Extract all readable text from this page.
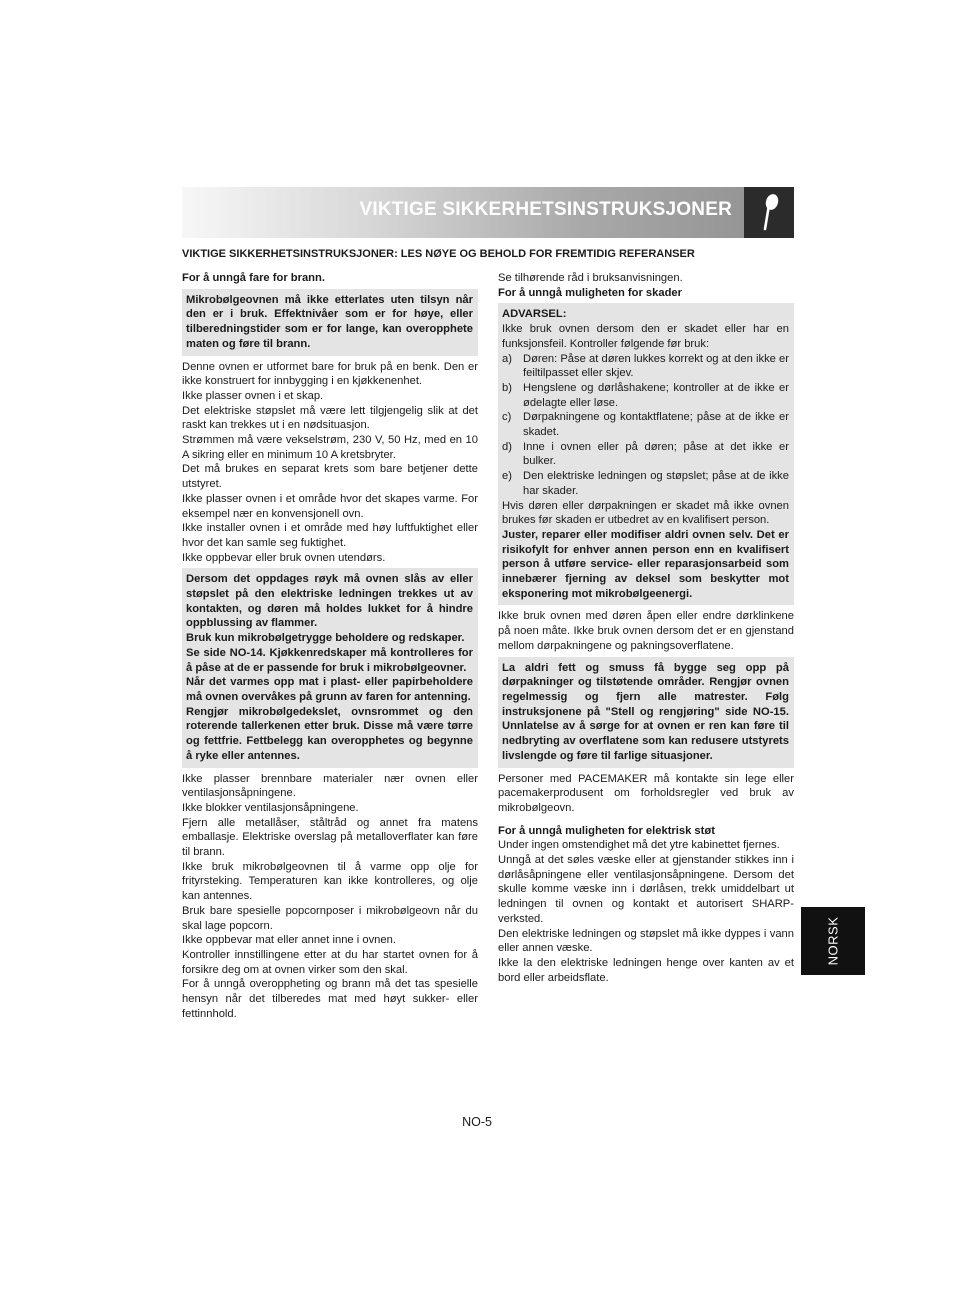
VIKTIGE SIKKERHETSINSTRUKSJONER
VIKTIGE SIKKERHETSINSTRUKSJONER: LES NØYE OG BEHOLD FOR FREMTIDIG REFERANSER

For å unngå fare for brann.

Mikrobølgeovnen må ikke etterlates uten tilsyn når den er i bruk. Effektnivåer som er for høye, eller tilberedningstider som er for lange, kan overopphete maten og føre til brann.

Denne ovnen er utformet bare for bruk på en benk. Den er ikke konstruert for innbygging i en kjøkkenenhet.

Ikke plasser ovnen i et skap.

Det elektriske støpslet må være lett tilgjengelig slik at det raskt kan trekkes ut i en nødsituasjon.

Strømmen må være vekselstrøm, 230 V, 50 Hz, med en 10 A sikring eller en minimum 10 A kretsbryter.

Det må brukes en separat krets som bare betjener dette utstyret.

Ikke plasser ovnen i et område hvor det skapes varme. For eksempel nær en konvensjonell ovn.

Ikke installer ovnen i et område med høy luftfuktighet eller hvor det kan samle seg fuktighet.

Ikke oppbevar eller bruk ovnen utendørs.

Dersom det oppdages røyk må ovnen slås av eller støpslet på den elektriske ledningen trekkes ut av kontakten, og døren må holdes lukket for å hindre oppblussing av flammer.

Bruk kun mikrobølgetrygge beholdere og redskaper.

Se side NO-14. Kjøkkenredskaper må kontrolleres for å påse at de er passende for bruk i mikrobølgeovner.

Når det varmes opp mat i plast- eller papirbeholdere må ovnen overvåkes på grunn av faren for antenning.

Rengjør mikrobølgedekslet, ovnsrommet og den roterende tallerkenen etter bruk. Disse må være tørre og fettfrie. Fettbelegg kan overopphetes og begynne å ryke eller antennes.

Ikke plasser brennbare materialer nær ovnen eller ventilasjonsåpningene.

Ikke blokker ventilasjonsåpningene.

Fjern alle metallåser, ståltråd og annet fra matens emballasje. Elektriske overslag på metalloverflater kan føre til brann.

Ikke bruk mikrobølgeovnen til å varme opp olje for frityrsteking. Temperaturen kan ikke kontrolleres, og olje kan antennes.

Bruk bare spesielle popcornposer i mikrobølgeovn når du skal lage popcorn.

Ikke oppbevar mat eller annet inne i ovnen.

Kontroller innstillingene etter at du har startet ovnen for å forsikre deg om at ovnen virker som den skal.

For å unngå overoppheting og brann må det tas spesielle hensyn når det tilberedes mat med høyt sukker- eller fettinnhold.

Se tilhørende råd i bruksanvisningen.

For å unngå muligheten for skader

ADVARSEL:

Ikke bruk ovnen dersom den er skadet eller har en funksjonsfeil. Kontroller følgende før bruk:

a) Døren: Påse at døren lukkes korrekt og at den ikke er feiltilpasset eller skjev.
b) Hengslene og dørlåshakene; kontroller at de ikke er ødelagte eller løse.
c)	Dørpakningene og kontaktflatene; påse at de ikke er skadet.
d) Inne i ovnen eller på døren; påse at det ikke er bulker.
e) Den elektriske ledningen og støpslet; påse at de ikke har skader.

Hvis døren eller dørpakningen er skadet må ikke ovnen brukes før skaden er utbedret av en kvalifisert person.

Juster, reparer eller modifiser aldri ovnen selv. Det er risikofylt for enhver annen person enn en kvalifisert person å utføre service- eller reparasjonsarbeid som innebærer fjerning av deksel som beskytter mot eksponering mot mikrobølgeenergi.

Ikke bruk ovnen med døren åpen eller endre dørklinkene på noen måte. Ikke bruk ovnen dersom det er en gjenstand mellom dørpakningene og pakningsoverflatene.

La aldri fett og smuss få bygge seg opp på dørpakninger og tilstøtende områder. Rengjør ovnen regelmessig og fjern alle matrester. Følg instruksjonene på "Stell og rengjøring" side NO-15. Unnlatelse av å sørge for at ovnen er ren kan føre til nedbryting av overflatene som kan redusere utstyrets livslengde og føre til farlige situasjoner.

Personer med PACEMAKER må kontakte sin lege eller pacemakerprodusent om forholdsregler ved bruk av mikrobølgeovn.

For å unngå muligheten for elektrisk støt

Under ingen omstendighet må det ytre kabinettet fjernes.

Unngå at det søles væske eller at gjenstander stikkes inn i dørlåsåpningene eller ventilasjonsåpningene. Dersom det skulle komme væske inn i dørlåsen, trekk umiddelbart ut ledningen til ovnen og kontakt et autorisert SHARP-verksted.

Den elektriske ledningen og støpslet må ikke dyppes i vann eller annen væske.

Ikke la den elektriske ledningen henge over kanten av et bord eller arbeidsflate.

NORSK
NO-5
